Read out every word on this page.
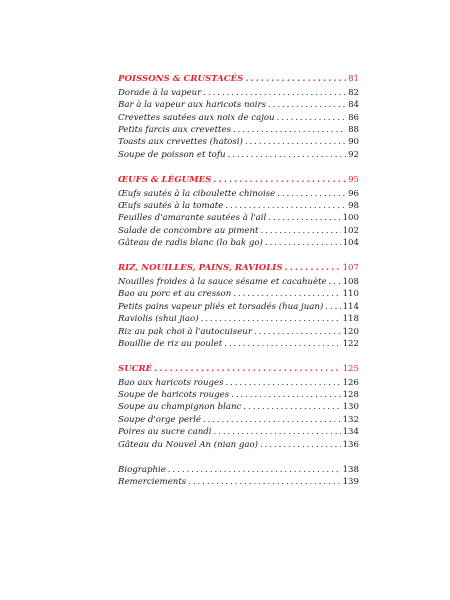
POISSONS & CRUSTACÉS . . .	81
Dorade à la vapeur . . .	82
Bar à la vapeur aux haricots noirs . . .	84
Crevettes sautées aux noix de cajou . . .	86
Petits farcis aux crevettes . . .	88
Toasts aux crevettes (hatosi) . . .	90
Soupe de poisson et tofu . . .	92
ŒUFS & LÉGUMES . . .	95
Œufs sautés à la ciboulette chinoise . . .	96
Œufs sautés à la tomate . . .	98
Feuilles d'amarante sautées à l'ail . . .	100
Salade de concombre au piment . . .	102
Gâteau de radis blanc (lo bak go) . . .	104
RIZ, NOUILLES, PAINS, RAVIOLIS . . .	107
Nouilles froides à la sauce sésame et cacahuète . . . 108
Bao au porc et au cresson . . .	110
Petits pains vapeur pliés et torsadés (hua juan) . . . 114
Raviolis (shui jiao) . . .	118
Riz au pak choi à l'autocuiseur . . .	120
Bouillie de riz au poulet . . .	122
SUCRÉ . . .	125
Bao aux haricots rouges . . .	126
Soupe de haricots rouges . . .	128
Soupe au champignon blanc . . .	130
Soupe d'orge perlé . . .	132
Poires au sucre candi . . .	134
Gâteau du Nouvel An (nian gao) . . .	136
Biographie . . .	138
Remerciements . . .	139
